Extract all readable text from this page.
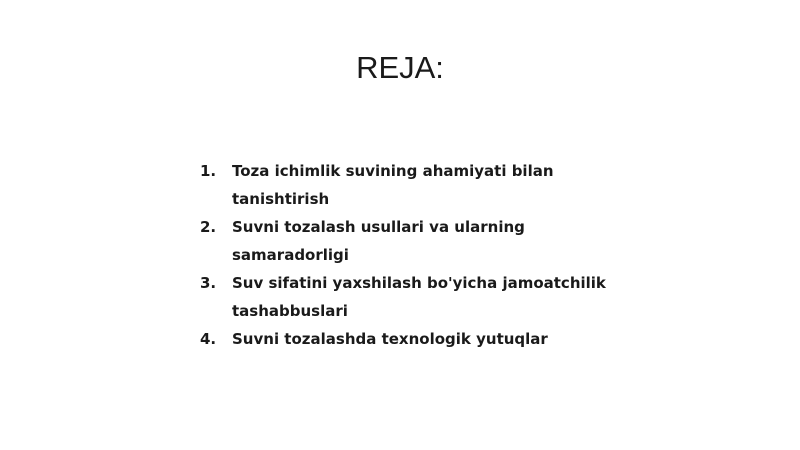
REJA:
1.	Toza ichimlik suvining ahamiyati bilan
tanishtirish
2.	Suvni tozalash usullari va ularning
samaradorligi
3.	Suv sifatini yaxshilash bo'yicha jamoatchilik
tashabbuslari
4.	Suvni tozalashda texnologik yutuqlar
